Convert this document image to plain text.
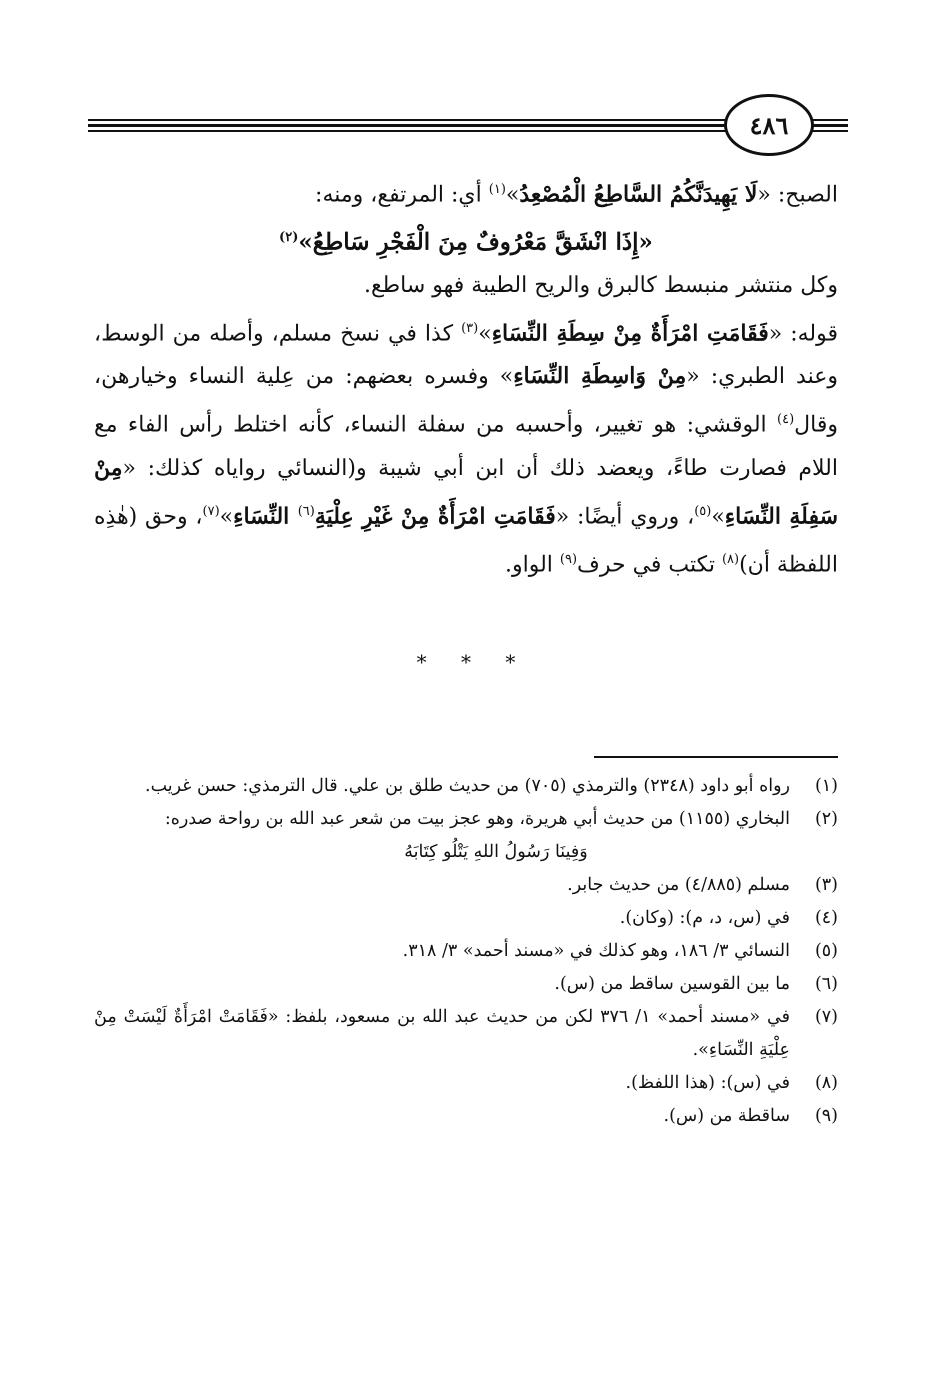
٤٨٦

الصبح: «لَا يَهِيدَنَّكُمُ السَّاطِعُ الْمُصْعِدُ»$^{(١)}$ أي: المرتفع، ومنه:

«إِذَا انْشَقَّ مَعْرُوفٌ مِنَ الْفَجْرِ سَاطِعُ»$^{(٢)}$

وكل منتشر منبسط كالبرق والريح الطيبة فهو ساطع.

قوله: «فَقَامَتِ امْرَأَةٌ مِنْ سِطَةِ النِّسَاءِ»$^{(٣)}$ كذا في نسخ مسلم، وأصله من الوسط، وعند الطبري: «مِنْ وَاسِطَةِ النِّسَاءِ» وفسره بعضهم: من عِلية النساء وخيارهن، وقال$^{(٤)}$ الوقشي: هو تغيير، وأحسبه من سفلة النساء، كأنه اختلط رأس الفاء مع اللام فصارت طاءً، ويعضد ذلك أن ابن أبي شيبة و(النسائي رواياه كذلك: «مِنْ سَفِلَةِ النِّسَاءِ»$^{(٥)}$، وروي أيضًا: «فَقَامَتِ امْرَأَةٌ مِنْ غَيْرِ عِلْيَةِ$^{(٦)}$ النِّسَاءِ»$^{(٧)}$، وحق (هٰذِه اللفظة أن)$^{(٨)}$ تكتب في حرف$^{(٩)}$ الواو.

* * *
(١)
رواه أبو داود (٢٣٤٨) والترمذي (٧٠٥) من حديث طلق بن علي. قال الترمذي: حسن غريب.
(٢)
البخاري (١١٥٥) من حديث أبي هريرة، وهو عجز بيت من شعر عبد الله بن رواحة صدره:
وَفِينَا رَسُولُ اللهِ يَتْلُو كِتَابَهُ
(٣)
مسلم (٤/٨٨٥) من حديث جابر.
(٤)
في (س، د، م): (وكان).
(٥)
النسائي ٣/ ١٨٦، وهو كذلك في «مسند أحمد» ٣/ ٣١٨.
(٦)
ما بين القوسين ساقط من (س).
(٧)
في «مسند أحمد» ١/ ٣٧٦ لكن من حديث عبد الله بن مسعود، بلفظ: «فَقَامَتْ امْرَأَةٌ لَيْسَتْ مِنْ عِلْيَةِ النِّسَاءِ».
(٨)
في (س): (هذا اللفظ).
(٩)
ساقطة من (س).
